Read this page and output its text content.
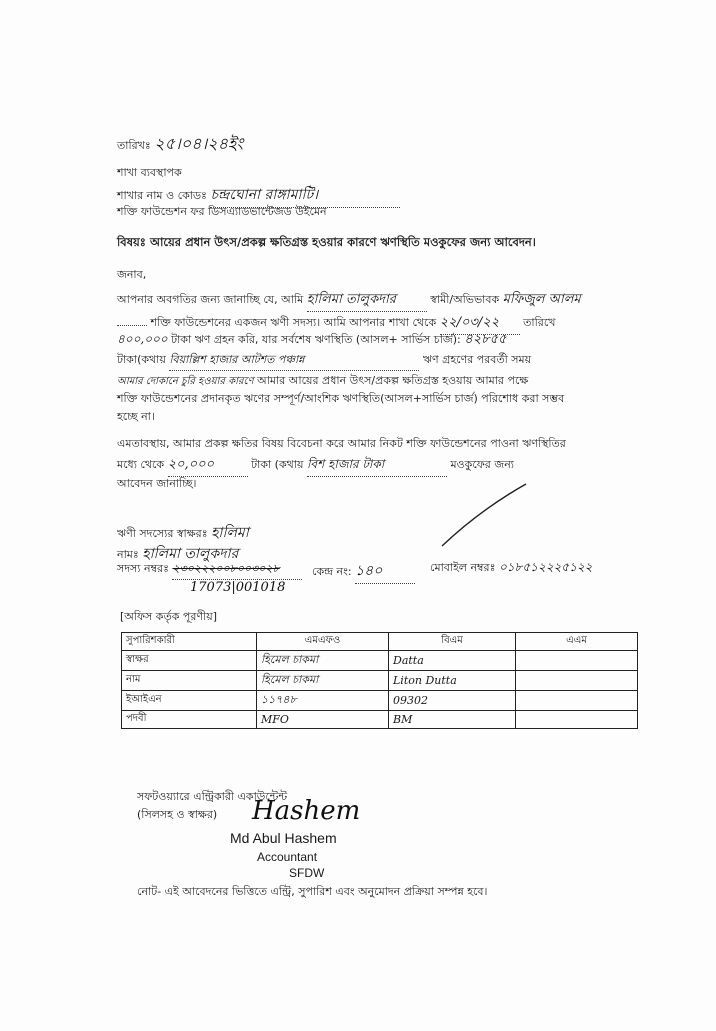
তারিখঃ ২৫।০৪।২৪ইং
শাখা ব্যবস্থাপক
শাখার নাম ও কোডঃ চন্দ্রঘোনা রাঙ্গামাটি।
শক্তি ফাউন্ডেশন ফর ডিসএ্যাডভান্টেজড উইমেন
বিষয়ঃ আয়ের প্রধান উৎস/প্রকল্প ক্ষতিগ্রস্ত হওয়ার কারণে ঋণস্থিতি মওকুফের জন্য আবেদন।
জনাব,
আপনার অবগতির জন্য জানাচ্ছি যে, আমি হালিমা তালুকদার	স্বামী/অভিভাবক মফিজুল আলম
শক্তি ফাউন্ডেশনের একজন ঋণী সদস্য। আমি আপনার শাখা থেকে ২২/০৩/২২ তারিখে
৪০০,০০০ টাকা ঋণ গ্রহন করি, যার সর্বশেষ ঋণস্থিতি (আসল+ সার্ভিস চার্জ): ৪২৮৫৫
টাকা(কথায় বিয়াল্লিশ হাজার আটশত পঞ্চান্ন	ঋণ গ্রহণের পরবর্তী সময়
আমার দোকানে চুরি হওয়ার কারণে আমার আয়ের প্রধান উৎস/প্রকল্প ক্ষতিগ্রস্ত হওয়ায় আমার পক্ষে
শক্তি ফাউন্ডেশনের প্রদানকৃত ঋণের সম্পূর্ণ/আংশিক ঋণস্থিতি(আসল+সার্ভিস চার্জ) পরিশোধ করা সম্ভব
হচ্ছে না।
এমতাবস্থায়, আমার প্রকল্প ক্ষতির বিষয় বিবেচনা করে আমার নিকট শক্তি ফাউন্ডেশনের পাওনা ঋণস্থিতির
মধ্যে থেকে ২০,০০০	টাকা (কথায় বিশ হাজার টাকা	মওকুফের জন্য
আবেদন জানাচ্ছি।
ঋণী সদস্যের স্বাক্ষরঃ হালিমা
নামঃ হালিমা তালুকদার
সদস্য নম্বরঃ ২৩০২২২০০৮০০৩০২৮
17073|001018
কেন্দ্র নং: ১৪০	মোবাইল নম্বরঃ ০১৮৫১২২২৫১২২
[অফিস কর্তৃক পূরণীয়]
সুপারিশকারী	এমএফও	বিএম	এএম
স্বাক্ষর	হিমেল চাকমা	Datta	
নাম	হিমেল চাকমা	Liton Dutta	
ইআইএন	১১৭৪৮	09302	
পদবী	MFO	BM	
সফটওয়্যারে এন্ট্রিকারী একাউন্টেন্ট
(সিলসহ ও স্বাক্ষর) Hashem
Md Abul Hashem
Accountant
SFDW
নোট- এই আবেদনের ভিত্তিতে এন্ট্রি, সুপারিশ এবং অনুমোদন প্রক্রিয়া সম্পন্ন হবে।
